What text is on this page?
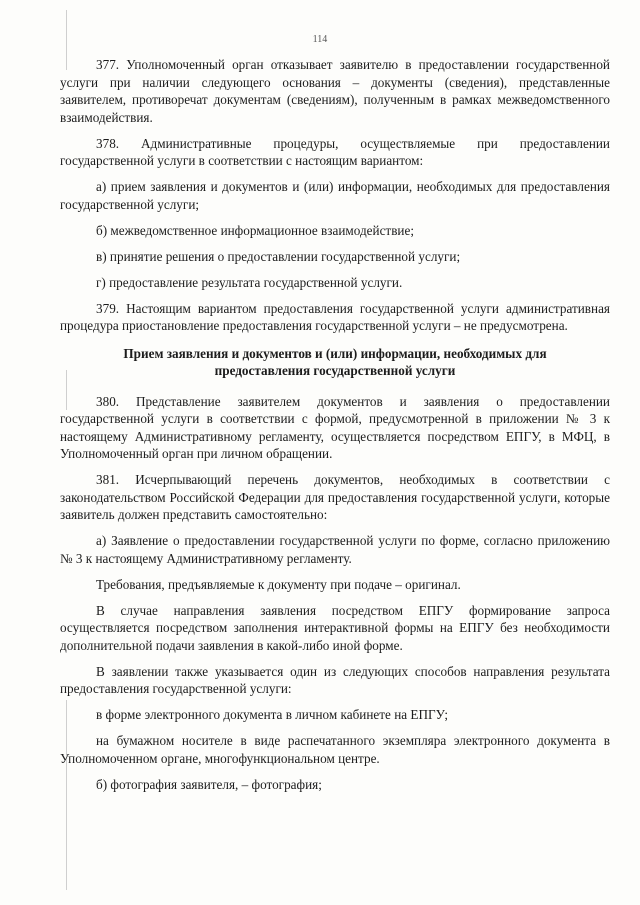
114

377. Уполномоченный орган отказывает заявителю в предоставлении государственной услуги при наличии следующего основания – документы (сведения), представленные заявителем, противоречат документам (сведениям), полученным в рамках межведомственного взаимодействия.

378. Административные процедуры, осуществляемые при предоставлении государственной услуги в соответствии с настоящим вариантом:

а) прием заявления и документов и (или) информации, необходимых для предоставления государственной услуги;

б) межведомственное информационное взаимодействие;

в) принятие решения о предоставлении государственной услуги;

г) предоставление результата государственной услуги.

379. Настоящим вариантом предоставления государственной услуги административная процедура приостановление предоставления государственной услуги – не предусмотрена.

Прием заявления и документов и (или) информации, необходимых для предоставления государственной услуги

380. Представление заявителем документов и заявления о предоставлении государственной услуги в соответствии с формой, предусмотренной в приложении № 3 к настоящему Административному регламенту, осуществляется посредством ЕПГУ, в МФЦ, в Уполномоченный орган при личном обращении.

381. Исчерпывающий перечень документов, необходимых в соответствии с законодательством Российской Федерации для предоставления государственной услуги, которые заявитель должен представить самостоятельно:

а) Заявление о предоставлении государственной услуги по форме, согласно приложению № 3 к настоящему Административному регламенту.

Требования, предъявляемые к документу при подаче – оригинал.

В случае направления заявления посредством ЕПГУ формирование запроса осуществляется посредством заполнения интерактивной формы на ЕПГУ без необходимости дополнительной подачи заявления в какой-либо иной форме.

В заявлении также указывается один из следующих способов направления результата предоставления государственной услуги:

в форме электронного документа в личном кабинете на ЕПГУ;

на бумажном носителе в виде распечатанного экземпляра электронного документа в Уполномоченном органе, многофункциональном центре.

б) фотография заявителя, – фотография;
